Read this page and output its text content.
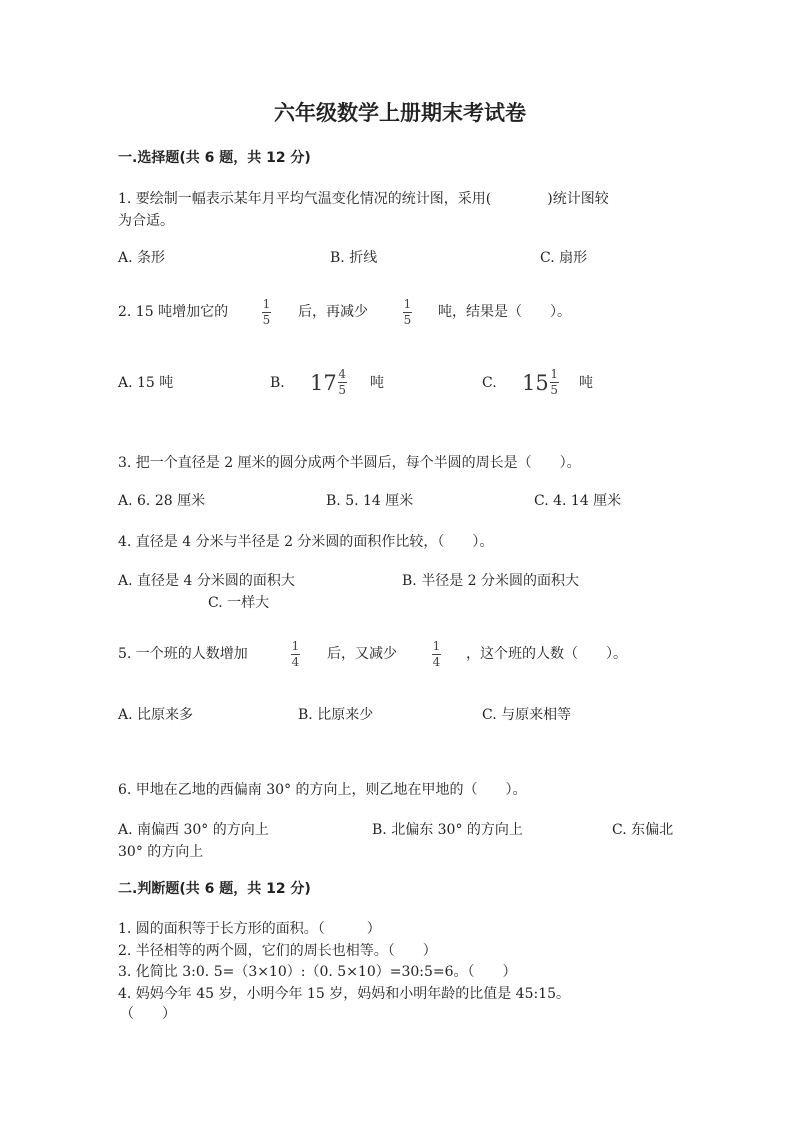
六年级数学上册期末考试卷
一.选择题(共 6 题，共 12 分)
1. 要绘制一幅表示某年月平均气温变化情况的统计图，采用(　　　　)统计图较
为合适。
A. 条形	B. 折线	C. 扇形
2. 15 吨增加它的	1
5 后，再减少	1
5 吨，结果是（　　）。
A. 15 吨	B. $17 \frac{4}{5}$ 吨	C. $15 \frac{1}{5}$ 吨
3. 把一个直径是 2 厘米的圆分成两个半圆后，每个半圆的周长是（　　）。
A. 6. 28 厘米	B. 5. 14 厘米	C. 4. 14 厘米
4. 直径是 4 分米与半径是 2 分米圆的面积作比较，（　　）。
A. 直径是 4 分米圆的面积大	B. 半径是 2 分米圆的面积大
C. 一样大
5. 一个班的人数增加	1
4 后，又减少	1
4 ，这个班的人数（　　）。
A. 比原来多	B. 比原来少	C. 与原来相等
6. 甲地在乙地的西偏南 30° 的方向上，则乙地在甲地的（　　）。
A. 南偏西 30° 的方向上	B. 北偏东 30° 的方向上	C. 东偏北
30° 的方向上
二.判断题(共 6 题，共 12 分)
1. 圆的面积等于长方形的面积。（　　　）
2. 半径相等的两个圆，它们的周长也相等。（　　）
3. 化简比 3:0. 5=（3×10）:（0. 5×10）=30:5=6。（　　）
4. 妈妈今年 45 岁，小明今年 15 岁，妈妈和小明年龄的比值是 45:15。
（　　）
